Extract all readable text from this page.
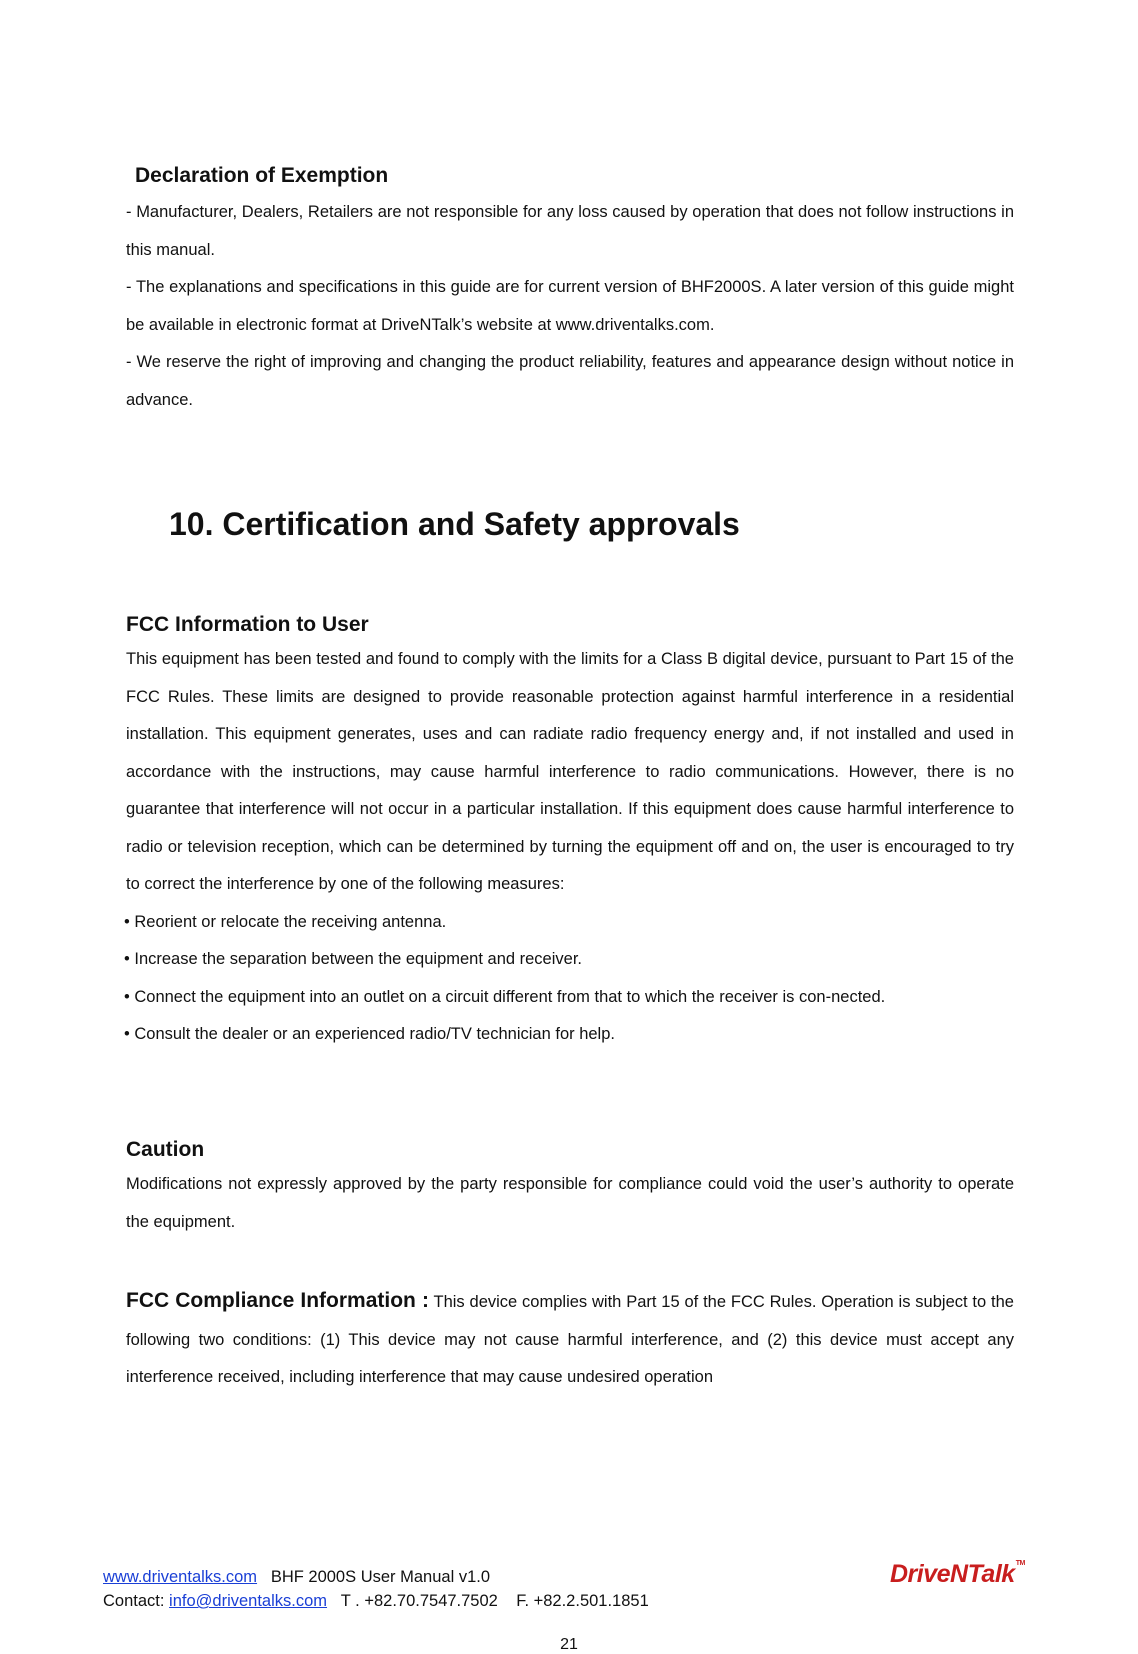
Declaration of Exemption

- Manufacturer, Dealers, Retailers are not responsible for any loss caused by operation that does not follow instructions in this manual.

- The explanations and specifications in this guide are for current version of BHF2000S. A later version of this guide might be available in electronic format at DriveNTalk’s website at www.driventalks.com.

- We reserve the right of improving and changing the product reliability, features and appearance design without notice in advance.

10. Certification and Safety approvals
FCC Information to User

This equipment has been tested and found to comply with the limits for a Class B digital device, pursuant to Part 15 of the FCC Rules. These limits are designed to provide reasonable protection against harmful interference in a residential installation. This equipment generates, uses and can radiate radio frequency energy and, if not installed and used in accordance with the instructions, may cause harmful interference to radio communications. However, there is no guarantee that interference will not occur in a particular installation. If this equipment does cause harmful interference to radio or television reception, which can be determined by turning the equipment off and on, the user is encouraged to try to correct the interference by one of the following measures:

• Reorient or relocate the receiving antenna.

• Increase the separation between the equipment and receiver.

• Connect the equipment into an outlet on a circuit different from that to which the receiver is con-nected.

• Consult the dealer or an experienced radio/TV technician for help.

Caution

Modifications not expressly approved by the party responsible for compliance could void the user’s authority to operate the equipment.

FCC Compliance Information : This device complies with Part 15 of the FCC Rules. Operation is subject to the following two conditions: (1) This device may not cause harmful interference, and (2) this device must accept any interference received, including interference that may cause undesired operation

www.driventalks.com BHF 2000S User Manual v1.0
Contact: info@driventalks.com T . +82.70.7547.7502 F. +82.2.501.1851
DriveNTalk™
21
